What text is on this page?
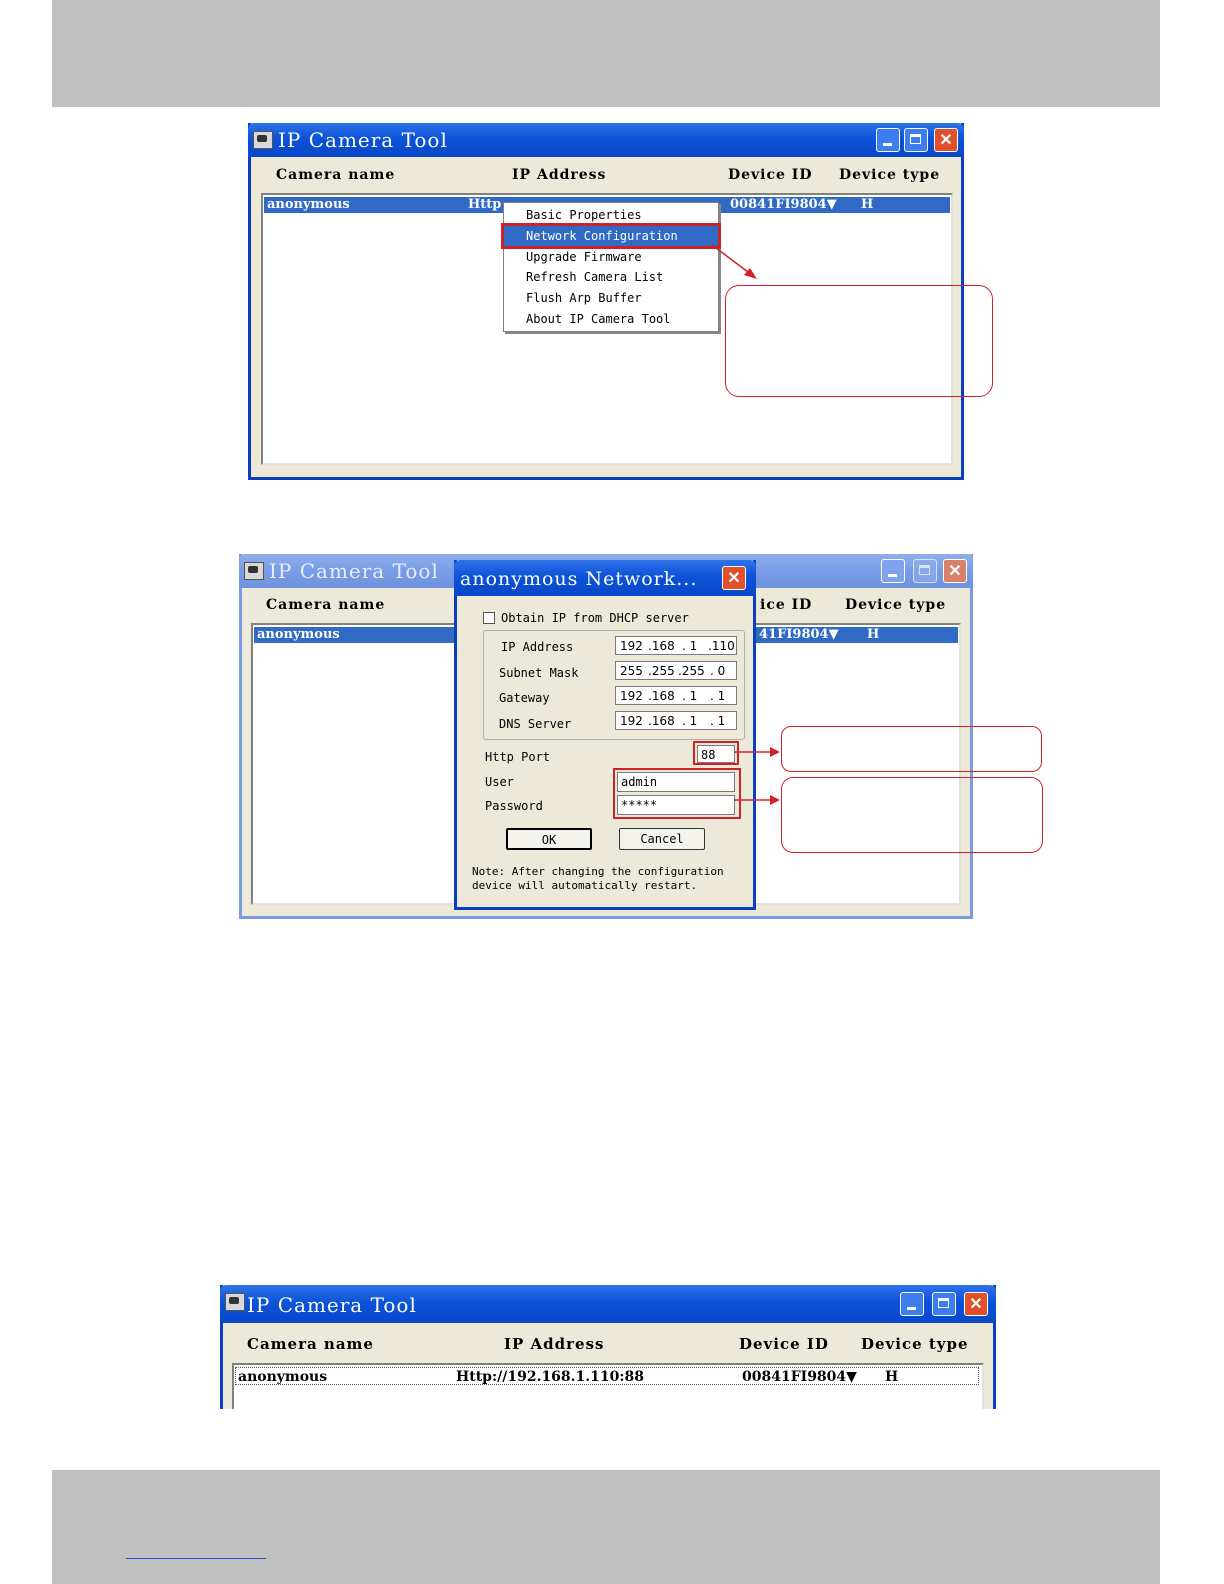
IP Camera Tool	✕
Camera name	IP Address	Device ID Device type
anonymous	Http	00841FI9804▼ H
Basic Properties
Network Configuration
Upgrade Firmware
Refresh Camera List
Flush Arp Buffer
About IP Camera Tool
IP Camera Tool	✕
Camera name	ice ID Device type
anonymous	41FI9804▼ H
anonymous Network...	✕
Obtain IP from DHCP server
IP Address	192 .168 . 1 .110
Subnet Mask	255 .255 .255 . 0
Gateway	192 .168 . 1 . 1
DNS Server	192 .168 . 1 . 1
Http Port	88
User	admin
Password	*****
OK	Cancel
Note: After changing the configuration
device will automatically restart.
IP Camera Tool	✕
Camera name	IP Address	Device ID Device type
anonymous	Http://192.168.1.110:88	00841FI9804▼ H
